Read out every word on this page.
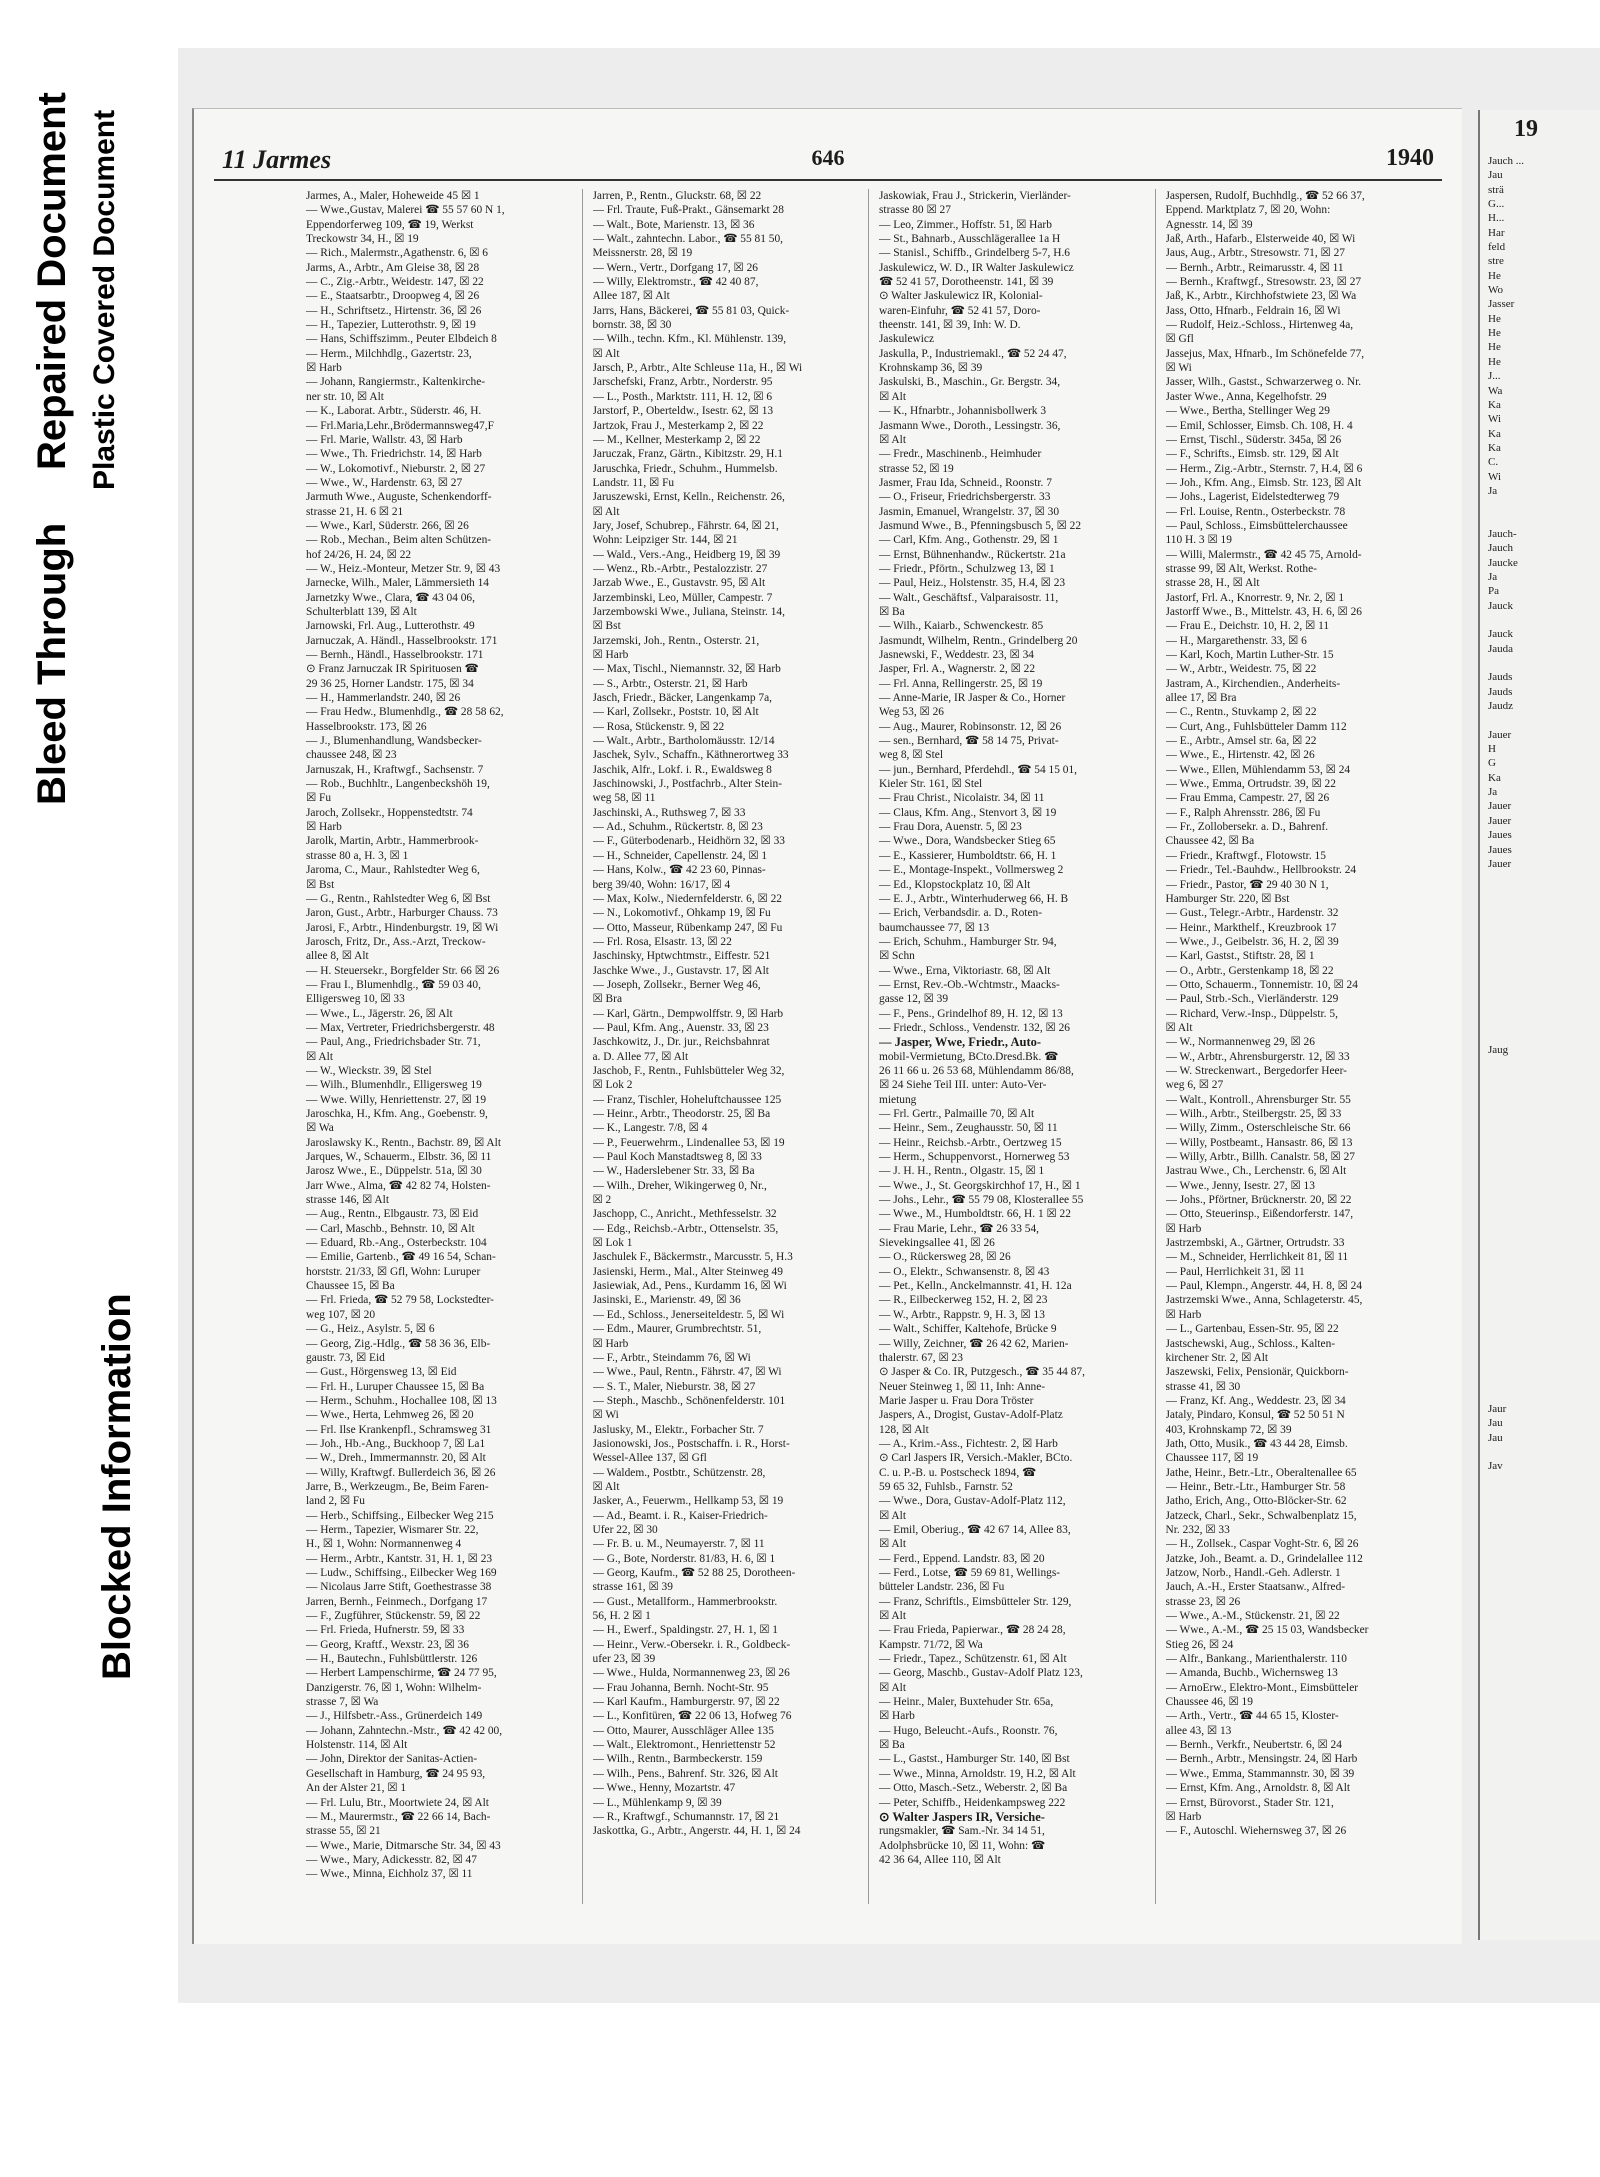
Bleed Through
Repaired Document Plastic Covered Document
Blocked Information
11 Jarmes	646	1940

Jarmes, A., Maler, Hoheweide 45 ☒ 1

— Wwe.,Gustav, Malerei ☎ 55 57 60 N 1,

Eppendorferweg 109, ☎ 19, Werkst

Treckowstr 34, H., ☒ 19

— Rich., Malermstr.,Agathenstr. 6, ☒ 6

Jarms, A., Arbtr., Am Gleise 38, ☒ 28

— C., Zig.-Arbtr., Weidestr. 147, ☒ 22

— E., Staatsarbtr., Droopweg 4, ☒ 26

— H., Schriftsetz., Hirtenstr. 36, ☒ 26

— H., Tapezier, Lutterothstr. 9, ☒ 19

— Hans, Schiffszimm., Peuter Elbdeich 8

— Herm., Milchhdlg., Gazertstr. 23,

☒ Harb

— Johann, Rangiermstr., Kaltenkirche-

ner str. 10, ☒ Alt

— K., Laborat. Arbtr., Süderstr. 46, H.

— Frl.Maria,Lehr.,Brödermannsweg47,F

— Frl. Marie, Wallstr. 43, ☒ Harb

— Wwe., Th. Friedrichstr. 14, ☒ Harb

— W., Lokomotivf., Nieburstr. 2, ☒ 27

— Wwe., W., Hardenstr. 63, ☒ 27

Jarmuth Wwe., Auguste, Schenkendorff-

strasse 21, H. 6 ☒ 21

— Wwe., Karl, Süderstr. 266, ☒ 26

— Rob., Mechan., Beim alten Schützen-

hof 24/26, H. 24, ☒ 22

— W., Heiz.-Monteur, Metzer Str. 9, ☒ 43

Jarnecke, Wilh., Maler, Lämmersieth 14

Jarnetzky Wwe., Clara, ☎ 43 04 06,

Schulterblatt 139, ☒ Alt

Jarnowski, Frl. Aug., Lutterothstr. 49

Jarnuczak, A. Händl., Hasselbrookstr. 171

— Bernh., Händl., Hasselbrookstr. 171

⊙ Franz Jarnuczak IR Spirituosen ☎

29 36 25, Horner Landstr. 175, ☒ 34

— H., Hammerlandstr. 240, ☒ 26

— Frau Hedw., Blumenhdlg., ☎ 28 58 62,

Hasselbrookstr. 173, ☒ 26

— J., Blumenhandlung, Wandsbecker-

chaussee 248, ☒ 23

Jarnuszak, H., Kraftwgf., Sachsenstr. 7

— Rob., Buchhltr., Langenbeckshöh 19,

☒ Fu

Jaroch, Zollsekr., Hoppenstedtstr. 74

☒ Harb

Jarolk, Martin, Arbtr., Hammerbrook-

strasse 80 a, H. 3, ☒ 1

Jaroma, C., Maur., Rahlstedter Weg 6,

☒ Bst

— G., Rentn., Rahlstedter Weg 6, ☒ Bst

Jaron, Gust., Arbtr., Harburger Chauss. 73

Jarosi, F., Arbtr., Hindenburgstr. 19, ☒ Wi

Jarosch, Fritz, Dr., Ass.-Arzt, Treckow-

allee 8, ☒ Alt

— H. Steuersekr., Borgfelder Str. 66 ☒ 26

— Frau I., Blumenhdlg., ☎ 59 03 40,

Elligersweg 10, ☒ 33

— Wwe., L., Jägerstr. 26, ☒ Alt

— Max, Vertreter, Friedrichsbergerstr. 48

— Paul, Ang., Friedrichsbader Str. 71,

☒ Alt

— W., Wieckstr. 39, ☒ Stel

— Wilh., Blumenhdlr., Elligersweg 19

— Wwe. Willy, Henriettenstr. 27, ☒ 19

Jaroschka, H., Kfm. Ang., Goebenstr. 9,

☒ Wa

Jaroslawsky K., Rentn., Bachstr. 89, ☒ Alt

Jarques, W., Schauerm., Elbstr. 36, ☒ 11

Jarosz Wwe., E., Düppelstr. 51a, ☒ 30

Jarr Wwe., Alma, ☎ 42 82 74, Holsten-

strasse 146, ☒ Alt

— Aug., Rentn., Elbgaustr. 73, ☒ Eid

— Carl, Maschb., Behnstr. 10, ☒ Alt

— Eduard, Rb.-Ang., Osterbeckstr. 104

— Emilie, Gartenb., ☎ 49 16 54, Schan-

horststr. 21/33, ☒ Gfl, Wohn: Luruper

Chaussee 15, ☒ Ba

— Frl. Frieda, ☎ 52 79 58, Lockstedter-

weg 107, ☒ 20

— G., Heiz., Asylstr. 5, ☒ 6

— Georg, Zig.-Hdlg., ☎ 58 36 36, Elb-

gaustr. 73, ☒ Eid

— Gust., Hörgensweg 13, ☒ Eid

— Frl. H., Luruper Chaussee 15, ☒ Ba

— Herm., Schuhm., Hochallee 108, ☒ 13

— Wwe., Herta, Lehmweg 26, ☒ 20

— Frl. Ilse Krankenpfl., Schramsweg 31

— Joh., Hb.-Ang., Buckhoop 7, ☒ La1

— W., Dreh., Immermannstr. 20, ☒ Alt

— Willy, Kraftwgf. Bullerdeich 36, ☒ 26

Jarre, B., Werkzeugm., Be, Beim Faren-

land 2, ☒ Fu

— Herb., Schiffsing., Eilbecker Weg 215

— Herm., Tapezier, Wismarer Str. 22,

H., ☒ 1, Wohn: Normannenweg 4

— Herm., Arbtr., Kantstr. 31, H. 1, ☒ 23

— Ludw., Schiffsing., Eilbecker Weg 169

— Nicolaus Jarre Stift, Goethestrasse 38

Jarren, Bernh., Feinmech., Dorfgang 17

— F., Zugführer, Stückenstr. 59, ☒ 22

— Frl. Frieda, Hufnerstr. 59, ☒ 33

— Georg, Kraftf., Wexstr. 23, ☒ 36

— H., Bautechn., Fuhlsbüttlerstr. 126

— Herbert Lampenschirme, ☎ 24 77 95,

Danzigerstr. 76, ☒ 1, Wohn: Wilhelm-

strasse 7, ☒ Wa

— J., Hilfsbetr.-Ass., Grünerdeich 149

— Johann, Zahntechn.-Mstr., ☎ 42 42 00,

Holstenstr. 114, ☒ Alt

— John, Direktor der Sanitas-Actien-

Gesellschaft in Hamburg, ☎ 24 95 93,

An der Alster 21, ☒ 1

— Frl. Lulu, Btr., Moortwiete 24, ☒ Alt

— M., Maurermstr., ☎ 22 66 14, Bach-

strasse 55, ☒ 21

— Wwe., Marie, Ditmarsche Str. 34, ☒ 43

— Wwe., Mary, Adickesstr. 82, ☒ 47

— Wwe., Minna, Eichholz 37, ☒ 11

Jarren, P., Rentn., Gluckstr. 68, ☒ 22

— Frl. Traute, Fuß-Prakt., Gänsemarkt 28

— Walt., Bote, Marienstr. 13, ☒ 36

— Walt., zahntechn. Labor., ☎ 55 81 50,

Meissnerstr. 28, ☒ 19

— Wern., Vertr., Dorfgang 17, ☒ 26

— Willy, Elektromstr., ☎ 42 40 87,

Allee 187, ☒ Alt

Jarrs, Hans, Bäckerei, ☎ 55 81 03, Quick-

bornstr. 38, ☒ 30

— Wilh., techn. Kfm., Kl. Mühlenstr. 139,

☒ Alt

Jarsch, P., Arbtr., Alte Schleuse 11a, H., ☒ Wi

Jarschefski, Franz, Arbtr., Norderstr. 95

— L., Posth., Marktstr. 111, H. 12, ☒ 6

Jarstorf, P., Oberteldw., Isestr. 62, ☒ 13

Jartzok, Frau J., Mesterkamp 2, ☒ 22

— M., Kellner, Mesterkamp 2, ☒ 22

Jaruczak, Franz, Gärtn., Kibitzstr. 29, H.1

Jaruschka, Friedr., Schuhm., Hummelsb.

Landstr. 11, ☒ Fu

Jaruszewski, Ernst, Kelln., Reichenstr. 26,

☒ Alt

Jary, Josef, Schubrep., Fährstr. 64, ☒ 21,

Wohn: Leipziger Str. 144, ☒ 21

— Wald., Vers.-Ang., Heidberg 19, ☒ 39

— Wenz., Rb.-Arbtr., Pestalozzistr. 27

Jarzab Wwe., E., Gustavstr. 95, ☒ Alt

Jarzembinski, Leo, Müller, Campestr. 7

Jarzembowski Wwe., Juliana, Steinstr. 14,

☒ Bst

Jarzemski, Joh., Rentn., Osterstr. 21,

☒ Harb

— Max, Tischl., Niemannstr. 32, ☒ Harb

— S., Arbtr., Osterstr. 21, ☒ Harb

Jasch, Friedr., Bäcker, Langenkamp 7a,

— Karl, Zollsekr., Poststr. 10, ☒ Alt

— Rosa, Stückenstr. 9, ☒ 22

— Walt., Arbtr., Bartholomäusstr. 12/14

Jaschek, Sylv., Schaffn., Käthnerortweg 33

Jaschik, Alfr., Lokf. i. R., Ewaldsweg 8

Jaschinowski, J., Postfachrb., Alter Stein-

weg 58, ☒ 11

Jaschinski, A., Ruthsweg 7, ☒ 33

— Ad., Schuhm., Rückertstr. 8, ☒ 23

— F., Güterbodenarb., Heidhörn 32, ☒ 33

— H., Schneider, Capellenstr. 24, ☒ 1

— Hans, Kolw., ☎ 42 23 60, Pinnas-

berg 39/40, Wohn: 16/17, ☒ 4

— Max, Kolw., Niedernfelderstr. 6, ☒ 22

— N., Lokomotivf., Ohkamp 19, ☒ Fu

— Otto, Masseur, Rübenkamp 247, ☒ Fu

— Frl. Rosa, Elsastr. 13, ☒ 22

Jaschinsky, Hptwchtmstr., Eiffestr. 521

Jaschke Wwe., J., Gustavstr. 17, ☒ Alt

— Joseph, Zollsekr., Berner Weg 46,

☒ Bra

— Karl, Gärtn., Dempwolffstr. 9, ☒ Harb

— Paul, Kfm. Ang., Auenstr. 33, ☒ 23

Jaschkowitz, J., Dr. jur., Reichsbahnrat

a. D. Allee 77, ☒ Alt

Jaschob, F., Rentn., Fuhlsbütteler Weg 32,

☒ Lok 2

— Franz, Tischler, Hoheluftchaussee 125

— Heinr., Arbtr., Theodorstr. 25, ☒ Ba

— K., Langestr. 7/8, ☒ 4

— P., Feuerwehrm., Lindenallee 53, ☒ 19

— Paul Koch Manstadtsweg 8, ☒ 33

— W., Haderslebener Str. 33, ☒ Ba

— Wilh., Dreher, Wikingerweg 0, Nr.,

☒ 2

Jaschopp, C., Anricht., Methfesselstr. 32

— Edg., Reichsb.-Arbtr., Ottenselstr. 35,

☒ Lok 1

Jaschulek F., Bäckermstr., Marcusstr. 5, H.3

Jasienski, Herm., Mal., Alter Steinweg 49

Jasiewiak, Ad., Pens., Kurdamm 16, ☒ Wi

Jasinski, E., Marienstr. 49, ☒ 36

— Ed., Schloss., Jenerseiteldestr. 5, ☒ Wi

— Edm., Maurer, Grumbrechtstr. 51,

☒ Harb

— F., Arbtr., Steindamm 76, ☒ Wi

— Wwe., Paul, Rentn., Fährstr. 47, ☒ Wi

— S. T., Maler, Nieburstr. 38, ☒ 27

— Steph., Maschb., Schönenfelderstr. 101

☒ Wi

Jaslusky, M., Elektr., Forbacher Str. 7

Jasionowski, Jos., Postschaffn. i. R., Horst-

Wessel-Allee 137, ☒ Gfl

— Waldem., Postbtr., Schützenstr. 28,

☒ Alt

Jasker, A., Feuerwm., Hellkamp 53, ☒ 19

— Ad., Beamt. i. R., Kaiser-Friedrich-

Ufer 22, ☒ 30

— Fr. B. u. M., Neumayerstr. 7, ☒ 11

— G., Bote, Norderstr. 81/83, H. 6, ☒ 1

— Georg, Kaufm., ☎ 52 88 25, Dorotheen-

strasse 161, ☒ 39

— Gust., Metallform., Hammerbrookstr.

56, H. 2 ☒ 1

— H., Ewerf., Spaldingstr. 27, H. 1, ☒ 1

— Heinr., Verw.-Obersekr. i. R., Goldbeck-

ufer 23, ☒ 39

— Wwe., Hulda, Normannenweg 23, ☒ 26

— Frau Johanna, Bernh. Nocht-Str. 95

— Karl Kaufm., Hamburgerstr. 97, ☒ 22

— L., Konfitüren, ☎ 22 06 13, Hofweg 76

— Otto, Maurer, Ausschläger Allee 135

— Walt., Elektromont., Henriettenstr 52

— Wilh., Rentn., Barmbeckerstr. 159

— Wilh., Pens., Bahrenf. Str. 326, ☒ Alt

— Wwe., Henny, Mozartstr. 47

— L., Mühlenkamp 9, ☒ 39

— R., Kraftwgf., Schumannstr. 17, ☒ 21

Jaskottka, G., Arbtr., Angerstr. 44, H. 1, ☒ 24

Jaskowiak, Frau J., Strickerin, Vierländer-

strasse 80 ☒ 27

— Leo, Zimmer., Hoffstr. 51, ☒ Harb

— St., Bahnarb., Ausschlägerallee 1a H

— Stanisl., Schiffb., Grindelberg 5-7, H.6

Jaskulewicz, W. D., IR Walter Jaskulewicz

☎ 52 41 57, Dorotheenstr. 141, ☒ 39

⊙ Walter Jaskulewicz IR, Kolonial-

waren-Einfuhr, ☎ 52 41 57, Doro-

theenstr. 141, ☒ 39, Inh: W. D.

Jaskulewicz

Jaskulla, P., Industriemakl., ☎ 52 24 47,

Krohnskamp 36, ☒ 39

Jaskulski, B., Maschin., Gr. Bergstr. 34,

☒ Alt

— K., Hfnarbtr., Johannisbollwerk 3

Jasmann Wwe., Doroth., Lessingstr. 36,

☒ Alt

— Fredr., Maschinenb., Heimhuder

strasse 52, ☒ 19

Jasmer, Frau Ida, Schneid., Roonstr. 7

— O., Friseur, Friedrichsbergerstr. 33

Jasmin, Emanuel, Wrangelstr. 37, ☒ 30

Jasmund Wwe., B., Pfenningsbusch 5, ☒ 22

— Carl, Kfm. Ang., Gothenstr. 29, ☒ 1

— Ernst, Bühnenhandw., Rückertstr. 21a

— Friedr., Pförtn., Schulzweg 13, ☒ 1

— Paul, Heiz., Holstenstr. 35, H.4, ☒ 23

— Walt., Geschäftsf., Valparaisostr. 11,

☒ Ba

— Wilh., Kaiarb., Schwenckestr. 85

Jasmundt, Wilhelm, Rentn., Grindelberg 20

Jasnewski, F., Weddestr. 23, ☒ 34

Jasper, Frl. A., Wagnerstr. 2, ☒ 22

— Frl. Anna, Rellingerstr. 25, ☒ 19

— Anne-Marie, IR Jasper & Co., Horner

Weg 53, ☒ 26

— Aug., Maurer, Robinsonstr. 12, ☒ 26

— sen., Bernhard, ☎ 58 14 75, Privat-

weg 8, ☒ Stel

— jun., Bernhard, Pferdehdl., ☎ 54 15 01,

Kieler Str. 161, ☒ Stel

— Frau Christ., Nicolaistr. 34, ☒ 11

— Claus, Kfm. Ang., Stenvort 3, ☒ 19

— Frau Dora, Auenstr. 5, ☒ 23

— Wwe., Dora, Wandsbecker Stieg 65

— E., Kassierer, Humboldtstr. 66, H. 1

— E., Montage-Inspekt., Vollmersweg 2

— Ed., Klopstockplatz 10, ☒ Alt

— E. J., Arbtr., Winterhuderweg 66, H. B

— Erich, Verbandsdir. a. D., Roten-

baumchaussee 77, ☒ 13

— Erich, Schuhm., Hamburger Str. 94,

☒ Schn

— Wwe., Erna, Viktoriastr. 68, ☒ Alt

— Ernst, Rev.-Ob.-Wchtmstr., Maacks-

gasse 12, ☒ 39

— F., Pens., Grindelhof 89, H. 12, ☒ 13

— Friedr., Schloss., Vendenstr. 132, ☒ 26

— Jasper, Wwe, Friedr., Auto-

mobil-Vermietung, BCto.Dresd.Bk. ☎

26 11 66 u. 26 53 68, Mühlendamm 86/88,

☒ 24 Siehe Teil III. unter: Auto-Ver-

mietung

— Frl. Gertr., Palmaille 70, ☒ Alt

— Heinr., Sem., Zeughausstr. 50, ☒ 11

— Heinr., Reichsb.-Arbtr., Oertzweg 15

— Herm., Schuppenvorst., Hornerweg 53

— J. H. H., Rentn., Olgastr. 15, ☒ 1

— Wwe., J., St. Georgskirchhof 17, H., ☒ 1

— Johs., Lehr., ☎ 55 79 08, Klosterallee 55

— Wwe., M., Humboldtstr. 66, H. 1 ☒ 22

— Frau Marie, Lehr., ☎ 26 33 54,

Sievekingsallee 41, ☒ 26

— O., Rückersweg 28, ☒ 26

— O., Elektr., Schwansenstr. 8, ☒ 43

— Pet., Kelln., Anckelmannstr. 41, H. 12a

— R., Eilbeckerweg 152, H. 2, ☒ 23

— W., Arbtr., Rappstr. 9, H. 3, ☒ 13

— Walt., Schiffer, Kaltehofe, Brücke 9

— Willy, Zeichner, ☎ 26 42 62, Marien-

thalerstr. 67, ☒ 23

⊙ Jasper & Co. IR, Putzgesch., ☎ 35 44 87,

Neuer Steinweg 1, ☒ 11, Inh: Anne-

Marie Jasper u. Frau Dora Tröster

Jaspers, A., Drogist, Gustav-Adolf-Platz

128, ☒ Alt

— A., Krim.-Ass., Fichtestr. 2, ☒ Harb

⊙ Carl Jaspers IR, Versich.-Makler, BCto.

C. u. P.-B. u. Postscheck 1894, ☎

59 65 32, Fuhlsb., Farnstr. 52

— Wwe., Dora, Gustav-Adolf-Platz 112,

☒ Alt

— Emil, Oberiug., ☎ 42 67 14, Allee 83,

☒ Alt

— Ferd., Eppend. Landstr. 83, ☒ 20

— Ferd., Lotse, ☎ 59 69 81, Wellings-

bütteler Landstr. 236, ☒ Fu

— Franz, Schriftls., Eimsbütteler Str. 129,

☒ Alt

— Frau Frieda, Papierwar., ☎ 28 24 28,

Kampstr. 71/72, ☒ Wa

— Friedr., Tapez., Schützenstr. 61, ☒ Alt

— Georg, Maschb., Gustav-Adolf Platz 123,

☒ Alt

— Heinr., Maler, Buxtehuder Str. 65a,

☒ Harb

— Hugo, Beleucht.-Aufs., Roonstr. 76,

☒ Ba

— L., Gastst., Hamburger Str. 140, ☒ Bst

— Wwe., Minna, Arnoldstr. 19, H.2, ☒ Alt

— Otto, Masch.-Setz., Weberstr. 2, ☒ Ba

— Peter, Schiffb., Heidenkampsweg 222

⊙ Walter Jaspers IR, Versiche-

rungsmakler, ☎ Sam.-Nr. 34 14 51,

Adolphsbrücke 10, ☒ 11, Wohn: ☎

42 36 64, Allee 110, ☒ Alt

Jaspersen, Rudolf, Buchhdlg., ☎ 52 66 37,

Eppend. Marktplatz 7, ☒ 20, Wohn:

Agnesstr. 14, ☒ 39

Jaß, Arth., Hafarb., Elsterweide 40, ☒ Wi

Jaus, Aug., Arbtr., Stresowstr. 71, ☒ 27

— Bernh., Arbtr., Reimarusstr. 4, ☒ 11

— Bernh., Kraftwgf., Stresowstr. 23, ☒ 27

Jaß, K., Arbtr., Kirchhofstwiete 23, ☒ Wa

Jass, Otto, Hfnarb., Feldrain 16, ☒ Wi

— Rudolf, Heiz.-Schloss., Hirtenweg 4a,

☒ Gfl

Jassejus, Max, Hfnarb., Im Schönefelde 77,

☒ Wi

Jasser, Wilh., Gastst., Schwarzerweg o. Nr.

Jaster Wwe., Anna, Kegelhofstr. 29

— Wwe., Bertha, Stellinger Weg 29

— Emil, Schlosser, Eimsb. Ch. 108, H. 4

— Ernst, Tischl., Süderstr. 345a, ☒ 26

— F., Schrifts., Eimsb. str. 129, ☒ Alt

— Herm., Zig.-Arbtr., Sternstr. 7, H.4, ☒ 6

— Joh., Kfm. Ang., Eimsb. Str. 123, ☒ Alt

— Johs., Lagerist, Eidelstedterweg 79

— Frl. Louise, Rentn., Osterbeckstr. 78

— Paul, Schloss., Eimsbüttelerchaussee

110 H. 3 ☒ 19

— Willi, Malermstr., ☎ 42 45 75, Arnold-

strasse 99, ☒ Alt, Werkst. Rothe-

strasse 28, H., ☒ Alt

Jastorf, Frl. A., Knorrestr. 9, Nr. 2, ☒ 1

Jastorff Wwe., B., Mittelstr. 43, H. 6, ☒ 26

— Frau E., Deichstr. 10, H. 2, ☒ 11

— H., Margarethenstr. 33, ☒ 6

— Karl, Koch, Martin Luther-Str. 15

— W., Arbtr., Weidestr. 75, ☒ 22

Jastram, A., Kirchendien., Anderheits-

allee 17, ☒ Bra

— C., Rentn., Stuvkamp 2, ☒ 22

— Curt, Ang., Fuhlsbütteler Damm 112

— E., Arbtr., Amsel str. 6a, ☒ 22

— Wwe., E., Hirtenstr. 42, ☒ 26

— Wwe., Ellen, Mühlendamm 53, ☒ 24

— Wwe., Emma, Ortrudstr. 39, ☒ 22

— Frau Emma, Campestr. 27, ☒ 26

— F., Ralph Ahrensstr. 286, ☒ Fu

— Fr., Zollobersekr. a. D., Bahrenf.

Chaussee 42, ☒ Ba

— Friedr., Kraftwgf., Flotowstr. 15

— Friedr., Tel.-Bauhdw., Hellbrookstr. 24

— Friedr., Pastor, ☎ 29 40 30 N 1,

Hamburger Str. 220, ☒ Bst

— Gust., Telegr.-Arbtr., Hardenstr. 32

— Heinr., Markthelf., Kreuzbrook 17

— Wwe., J., Geibelstr. 36, H. 2, ☒ 39

— Karl, Gastst., Stiftstr. 28, ☒ 1

— O., Arbtr., Gerstenkamp 18, ☒ 22

— Otto, Schauerm., Tonnemistr. 10, ☒ 24

— Paul, Strb.-Sch., Vierländerstr. 129

— Richard, Verw.-Insp., Düppelstr. 5,

☒ Alt

— W., Normannenweg 29, ☒ 26

— W., Arbtr., Ahrensburgerstr. 12, ☒ 33

— W. Streckenwart., Bergedorfer Heer-

weg 6, ☒ 27

— Walt., Kontroll., Ahrensburger Str. 55

— Wilh., Arbtr., Steilbergstr. 25, ☒ 33

— Willy, Zimm., Osterschleische Str. 66

— Willy, Postbeamt., Hansastr. 86, ☒ 13

— Willy, Arbtr., Billh. Canalstr. 58, ☒ 27

Jastrau Wwe., Ch., Lerchenstr. 6, ☒ Alt

— Wwe., Jenny, Isestr. 27, ☒ 13

— Johs., Pförtner, Brücknerstr. 20, ☒ 22

— Otto, Steuerinsp., Eißendorferstr. 147,

☒ Harb

Jastrzembski, A., Gärtner, Ortrudstr. 33

— M., Schneider, Herrlichkeit 81, ☒ 11

— Paul, Herrlichkeit 31, ☒ 11

— Paul, Klempn., Angerstr. 44, H. 8, ☒ 24

Jastrzemski Wwe., Anna, Schlageterstr. 45,

☒ Harb

— L., Gartenbau, Essen-Str. 95, ☒ 22

Jastschewski, Aug., Schloss., Kalten-

kirchener Str. 2, ☒ Alt

Jaszewski, Felix, Pensionär, Quickborn-

strasse 41, ☒ 30

— Franz, Kf. Ang., Weddestr. 23, ☒ 34

Jataly, Pindaro, Konsul, ☎ 52 50 51 N

403, Krohnskamp 72, ☒ 39

Jath, Otto, Musik., ☎ 43 44 28, Eimsb.

Chaussee 117, ☒ 19

Jathe, Heinr., Betr.-Ltr., Oberaltenallee 65

— Heinr., Betr.-Ltr., Hamburger Str. 58

Jatho, Erich, Ang., Otto-Blöcker-Str. 62

Jatzeck, Charl., Sekr., Schwalbenplatz 15,

Nr. 232, ☒ 33

— H., Zollsek., Caspar Voght-Str. 6, ☒ 26

Jatzke, Joh., Beamt. a. D., Grindelallee 112

Jatzow, Norb., Handl.-Geh. Adlerstr. 1

Jauch, A.-H., Erster Staatsanw., Alfred-

strasse 23, ☒ 26

— Wwe., A.-M., Stückenstr. 21, ☒ 22

— Wwe., A.-M., ☎ 25 15 03, Wandsbecker

Stieg 26, ☒ 24

— Alfr., Bankang., Marienthalerstr. 110

— Amanda, Buchb., Wichernsweg 13

— ArnoErw., Elektro-Mont., Eimsbütteler

Chaussee 46, ☒ 19

— Arth., Vertr., ☎ 44 65 15, Kloster-

allee 43, ☒ 13

— Bernh., Verkfr., Neubertstr. 6, ☒ 24

— Bernh., Arbtr., Mensingstr. 24, ☒ Harb

— Wwe., Emma, Stammannstr. 30, ☒ 39

— Ernst, Kfm. Ang., Arnoldstr. 8, ☒ Alt

— Ernst, Bürovorst., Stader Str. 121,

☒ Harb

— F., Autoschl. Wiehernsweg 37, ☒ 26

19
Jauch ...
Jau
strä
G...
H...
Har
feld
stre
He
Wo
Jasser
He
He
He
He
J...
Wa
Ka
Wi
Ka
Ka
C.
Wi
Ja

Jauch-
Jauch
Jaucke
Ja
Pa
Jauck

Jauck
Jauda

Jauds
Jauds
Jaudz

Jauer
H
G
Ka
Ja
Jauer
Jauer
Jaues
Jaues
Jauer

Jaug

Jaur
Jau
Jau

Jav
